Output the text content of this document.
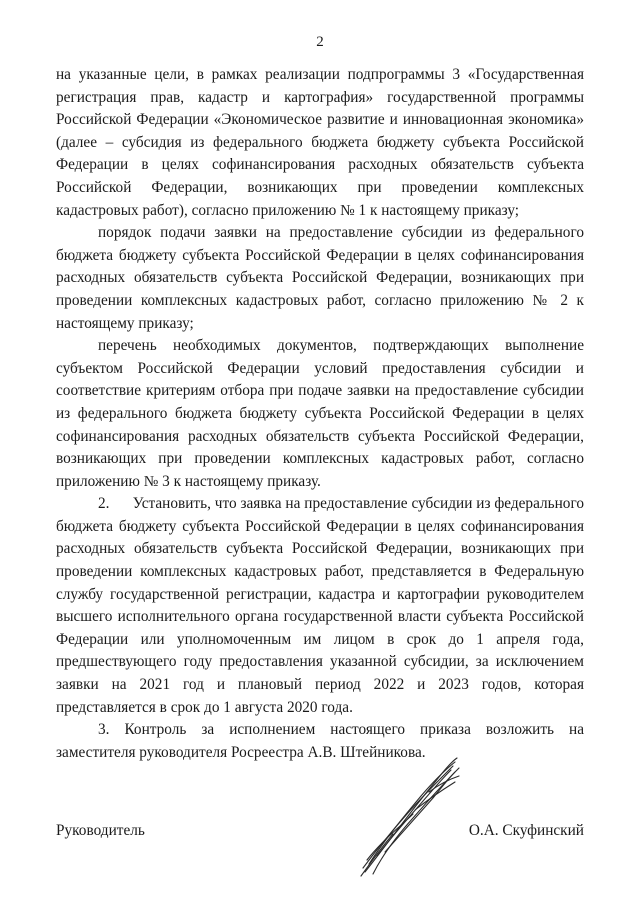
2

на указанные цели, в рамках реализации подпрограммы 3 «Государственная регистрация прав, кадастр и картография» государственной программы Российской Федерации «Экономическое развитие и инновационная экономика» (далее – субсидия из федерального бюджета бюджету субъекта Российской Федерации в целях софинансирования расходных обязательств субъекта Российской Федерации, возникающих при проведении комплексных кадастровых работ), согласно приложению № 1 к настоящему приказу;

порядок подачи заявки на предоставление субсидии из федерального бюджета бюджету субъекта Российской Федерации в целях софинансирования расходных обязательств субъекта Российской Федерации, возникающих при проведении комплексных кадастровых работ, согласно приложению № 2 к настоящему приказу;

перечень необходимых документов, подтверждающих выполнение субъектом Российской Федерации условий предоставления субсидии и соответствие критериям отбора при подаче заявки на предоставление субсидии из федерального бюджета бюджету субъекта Российской Федерации в целях софинансирования расходных обязательств субъекта Российской Федерации, возникающих при проведении комплексных кадастровых работ, согласно приложению № 3 к настоящему приказу.

2.      Установить, что заявка на предоставление субсидии из федерального бюджета бюджету субъекта Российской Федерации в целях софинансирования расходных обязательств субъекта Российской Федерации, возникающих при проведении комплексных кадастровых работ, представляется в Федеральную службу государственной регистрации, кадастра и картографии руководителем высшего исполнительного органа государственной власти субъекта Российской Федерации или уполномоченным им лицом в срок до 1 апреля года, предшествующего году предоставления указанной субсидии, за исключением заявки на 2021 год и плановый период 2022 и 2023 годов, которая представляется в срок до 1 августа 2020 года.

3. Контроль за исполнением настоящего приказа возложить на заместителя руководителя Росреестра А.В. Штейникова.

Руководитель	О.А. Скуфинский
